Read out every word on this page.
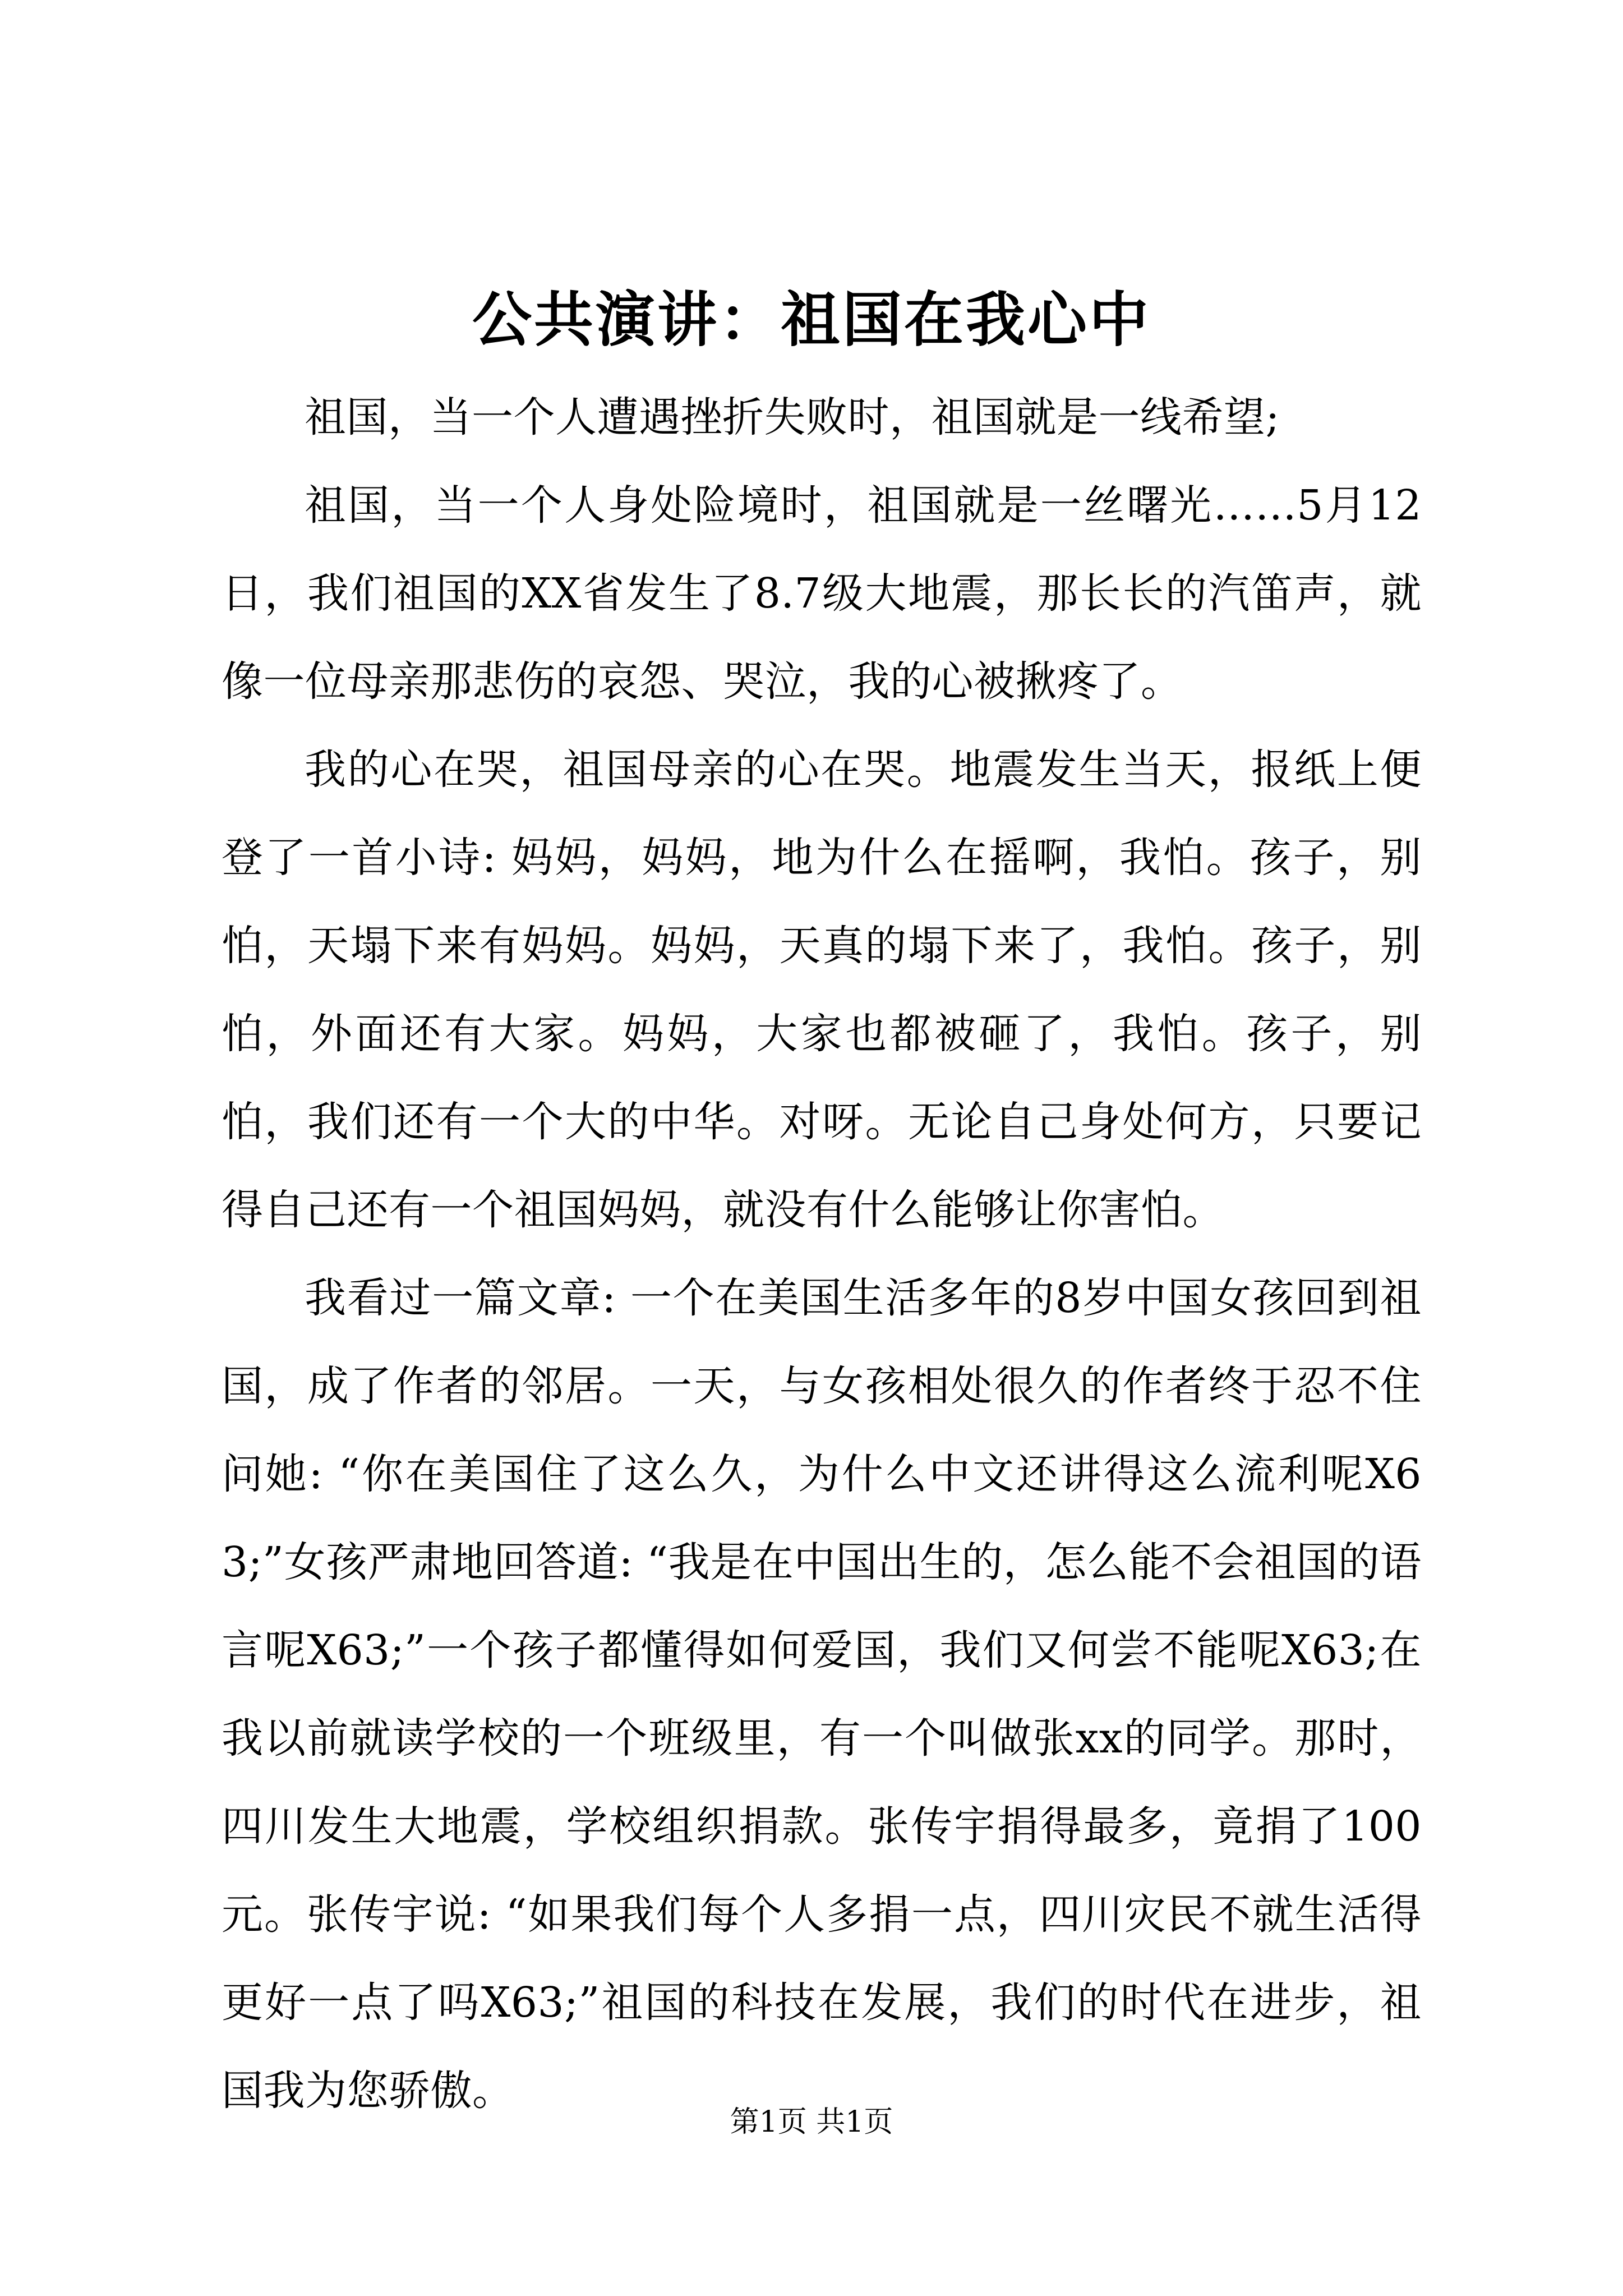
公共演讲：祖国在我心中

祖国，当一个人遭遇挫折失败时，祖国就是一线希望;

祖国，当一个人身处险境时，祖国就是一丝曙光……5月12日，我们祖国的XX省发生了8.7级大地震，那长长的汽笛声，就像一位母亲那悲伤的哀怨、哭泣，我的心被揪疼了。

我的心在哭，祖国母亲的心在哭。地震发生当天，报纸上便登了一首小诗: 妈妈，妈妈，地为什么在摇啊，我怕。孩子，别怕，天塌下来有妈妈。妈妈，天真的塌下来了，我怕。孩子，别怕，外面还有大家。妈妈，大家也都被砸了，我怕。孩子，别怕，我们还有一个大的中华。对呀。无论自己身处何方，只要记得自己还有一个祖国妈妈，就没有什么能够让你害怕。

我看过一篇文章: 一个在美国生活多年的8岁中国女孩回到祖国，成了作者的邻居。一天，与女孩相处很久的作者终于忍不住问她: “你在美国住了这么久，为什么中文还讲得这么流利呢X63;”女孩严肃地回答道: “我是在中国出生的，怎么能不会祖国的语言呢X63;”一个孩子都懂得如何爱国，我们又何尝不能呢X63;在我以前就读学校的一个班级里，有一个叫做张xx的同学。那时，四川发生大地震，学校组织捐款。张传宇捐得最多，竟捐了100元。张传宇说: “如果我们每个人多捐一点，四川灾民不就生活得更好一点了吗X63;”祖国的科技在发展，我们的时代在进步，祖国我为您骄傲。

第1页 共1页
